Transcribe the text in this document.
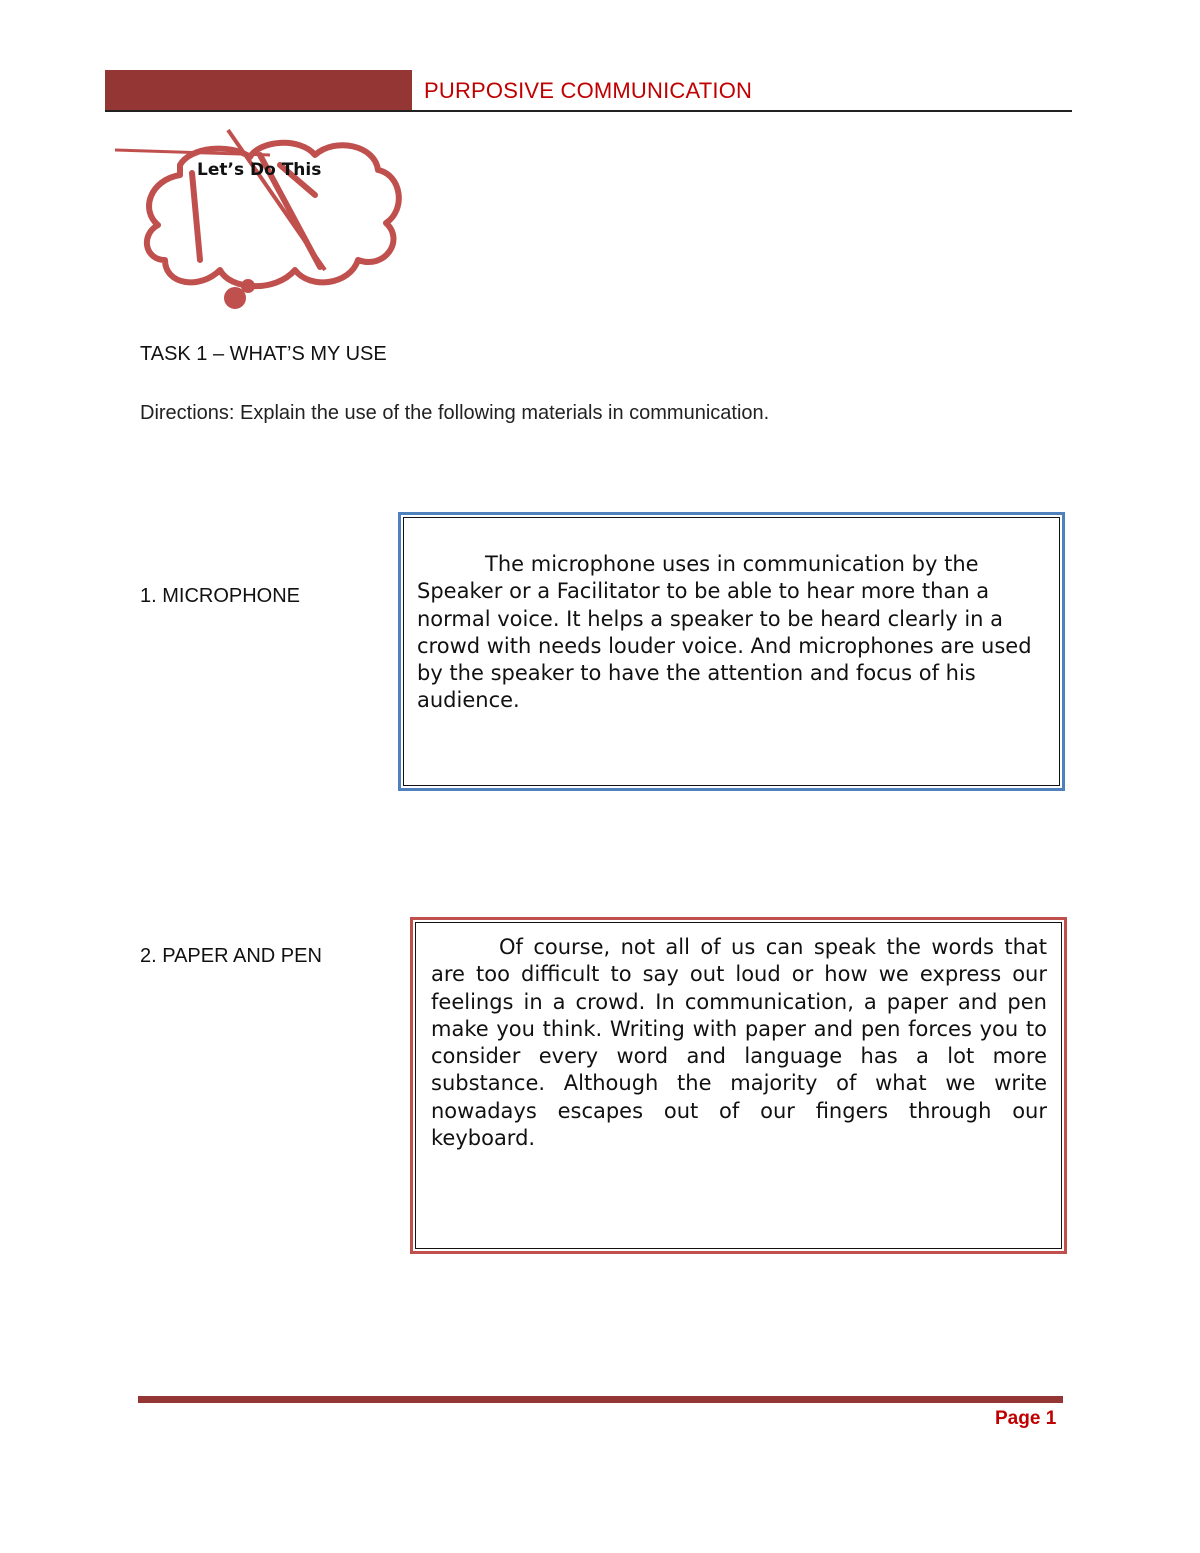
PURPOSIVE COMMUNICATION
Let’s Do This
TASK 1 – WHAT’S MY USE
Directions: Explain the use of the following materials in communication.
1. MICROPHONE
The microphone uses in communication by the Speaker or a Facilitator to be able to hear more than a normal voice. It helps a speaker to be heard clearly in a crowd with needs louder voice. And microphones are used by the speaker to have the attention and focus of his audience.
2. PAPER AND PEN	Of course, not all of us can speak the words that are too difficult to say out loud or how we express our feelings in a crowd. In communication, a paper and pen make you think. Writing with paper and pen forces you to consider every word and language has a lot more substance. Although the majority of what we write nowadays escapes out of our fingers through our keyboard.
Page 1
